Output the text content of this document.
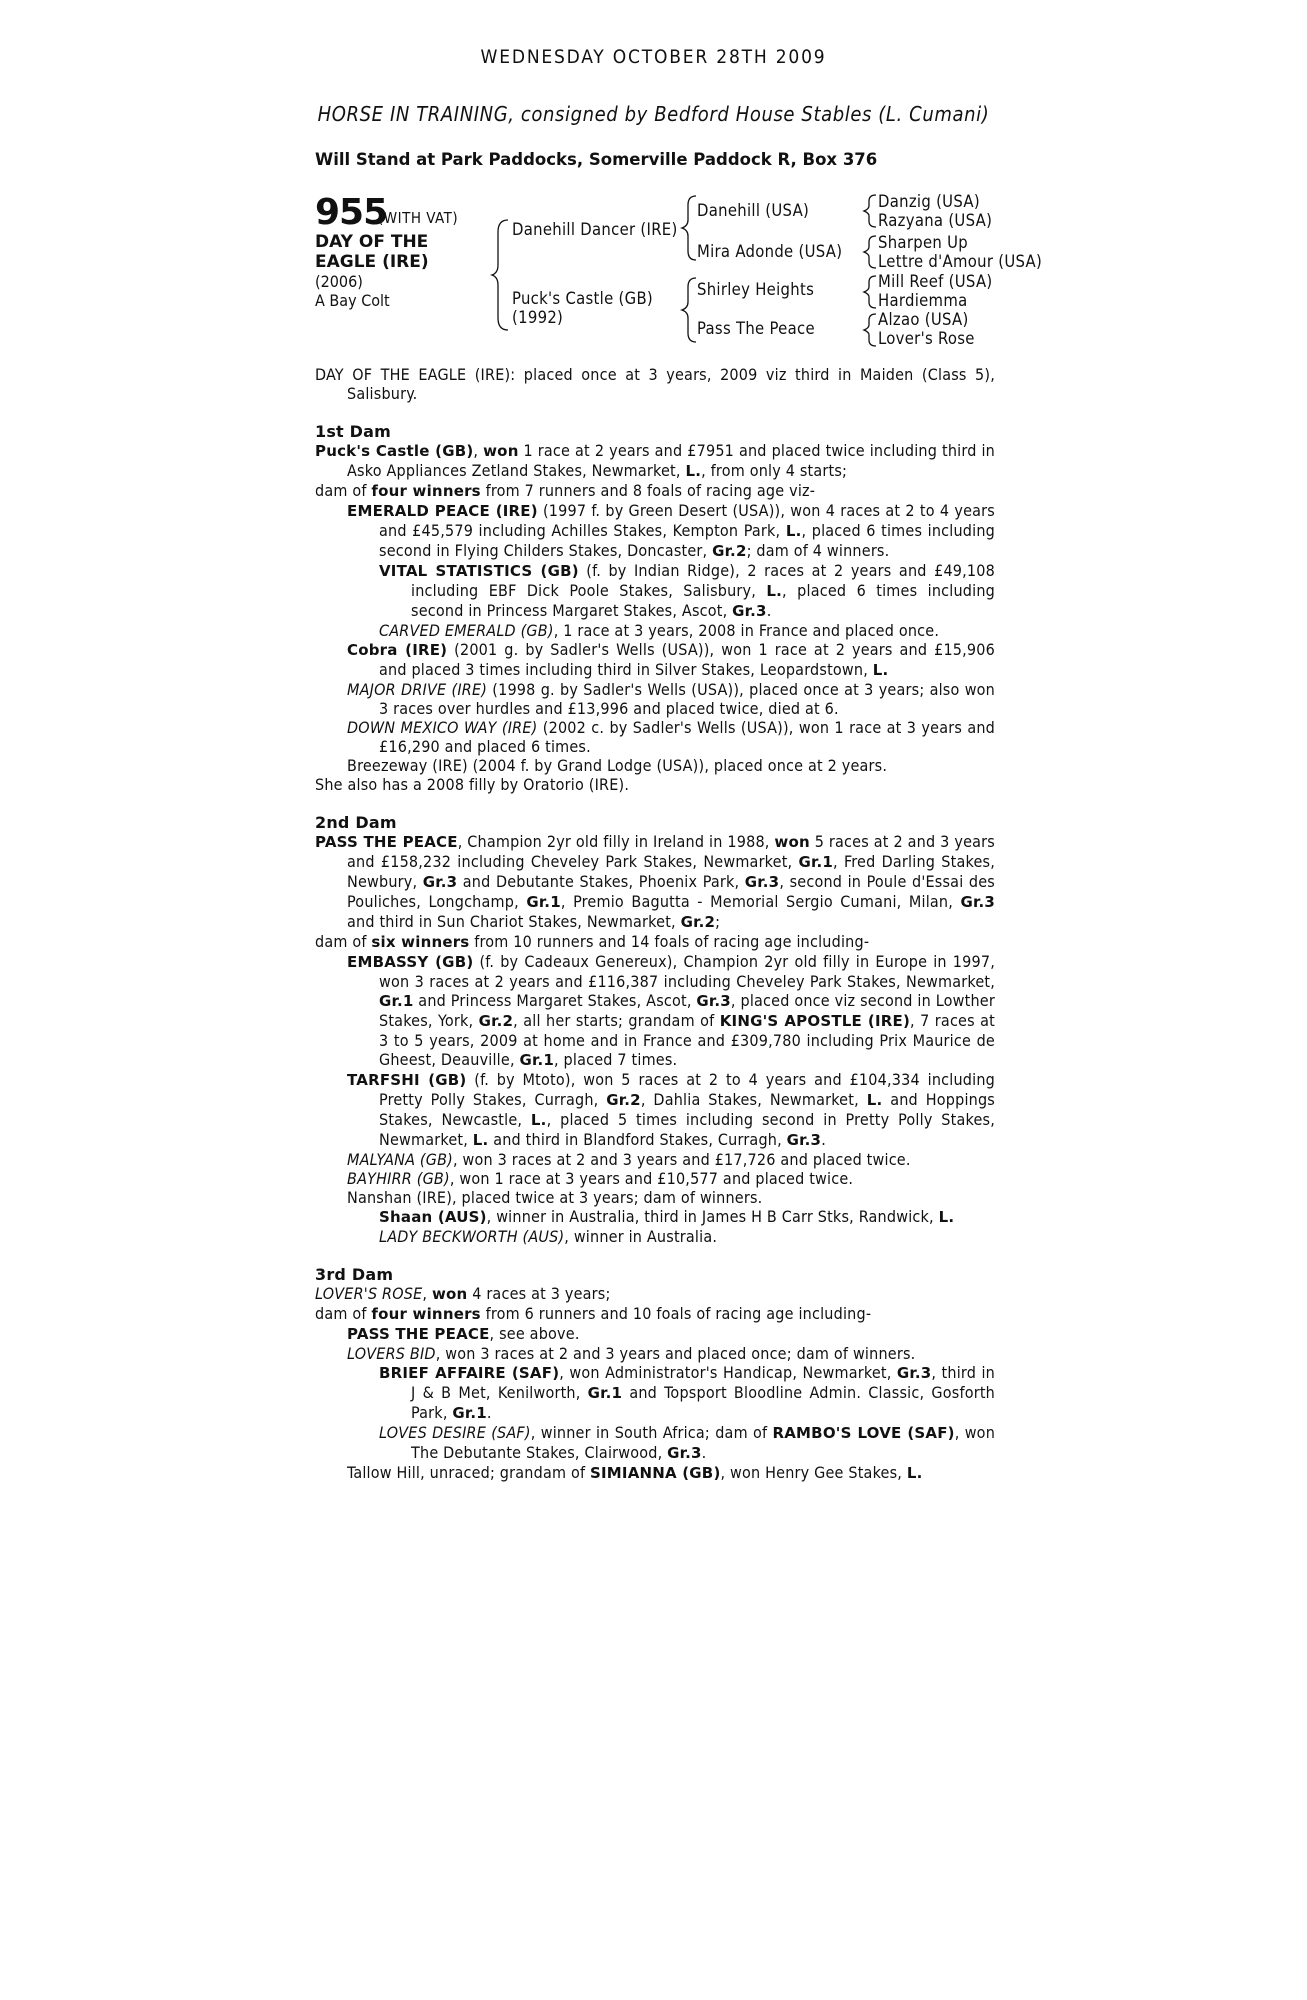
WEDNESDAY OCTOBER 28TH 2009
HORSE IN TRAINING, consigned by Bedford House Stables (L. Cumani)
Will Stand at Park Paddocks, Somerville Paddock R, Box 376
955
(WITH VAT)
DAY OF THE
EAGLE (IRE)
(2006)
A Bay Colt
Danehill Dancer (IRE)
Puck's Castle (GB)
(1992)
Danehill (USA)
Mira Adonde (USA)
Shirley Heights
Pass The Peace
Danzig (USA)
Razyana (USA)
Sharpen Up
Lettre d'Amour (USA)
Mill Reef (USA)
Hardiemma
Alzao (USA)
Lover's Rose

DAY OF THE EAGLE (IRE): placed once at 3 years, 2009 viz third in Maiden (Class 5), Salisbury.

1st Dam

Puck's Castle (GB), won 1 race at 2 years and £7951 and placed twice including third in Asko Appliances Zetland Stakes, Newmarket, L., from only 4 starts;

dam of four winners from 7 runners and 8 foals of racing age viz-

EMERALD PEACE (IRE) (1997 f. by Green Desert (USA)), won 4 races at 2 to 4 years and £45,579 including Achilles Stakes, Kempton Park, L., placed 6 times including second in Flying Childers Stakes, Doncaster, Gr.2; dam of 4 winners.

VITAL STATISTICS (GB) (f. by Indian Ridge), 2 races at 2 years and £49,108 including EBF Dick Poole Stakes, Salisbury, L., placed 6 times including second in Princess Margaret Stakes, Ascot, Gr.3.

CARVED EMERALD (GB), 1 race at 3 years, 2008 in France and placed once.

Cobra (IRE) (2001 g. by Sadler's Wells (USA)), won 1 race at 2 years and £15,906 and placed 3 times including third in Silver Stakes, Leopardstown, L.

MAJOR DRIVE (IRE) (1998 g. by Sadler's Wells (USA)), placed once at 3 years; also won 3 races over hurdles and £13,996 and placed twice, died at 6.

DOWN MEXICO WAY (IRE) (2002 c. by Sadler's Wells (USA)), won 1 race at 3 years and £16,290 and placed 6 times.

Breezeway (IRE) (2004 f. by Grand Lodge (USA)), placed once at 2 years.

She also has a 2008 filly by Oratorio (IRE).

2nd Dam

PASS THE PEACE, Champion 2yr old filly in Ireland in 1988, won 5 races at 2 and 3 years and £158,232 including Cheveley Park Stakes, Newmarket, Gr.1, Fred Darling Stakes, Newbury, Gr.3 and Debutante Stakes, Phoenix Park, Gr.3, second in Poule d'Essai des Pouliches, Longchamp, Gr.1, Premio Bagutta - Memorial Sergio Cumani, Milan, Gr.3 and third in Sun Chariot Stakes, Newmarket, Gr.2;

dam of six winners from 10 runners and 14 foals of racing age including-

EMBASSY (GB) (f. by Cadeaux Genereux), Champion 2yr old filly in Europe in 1997, won 3 races at 2 years and £116,387 including Cheveley Park Stakes, Newmarket, Gr.1 and Princess Margaret Stakes, Ascot, Gr.3, placed once viz second in Lowther Stakes, York, Gr.2, all her starts; grandam of KING'S APOSTLE (IRE), 7 races at 3 to 5 years, 2009 at home and in France and £309,780 including Prix Maurice de Gheest, Deauville, Gr.1, placed 7 times.

TARFSHI (GB) (f. by Mtoto), won 5 races at 2 to 4 years and £104,334 including Pretty Polly Stakes, Curragh, Gr.2, Dahlia Stakes, Newmarket, L. and Hoppings Stakes, Newcastle, L., placed 5 times including second in Pretty Polly Stakes, Newmarket, L. and third in Blandford Stakes, Curragh, Gr.3.

MALYANA (GB), won 3 races at 2 and 3 years and £17,726 and placed twice.

BAYHIRR (GB), won 1 race at 3 years and £10,577 and placed twice.

Nanshan (IRE), placed twice at 3 years; dam of winners.

Shaan (AUS), winner in Australia, third in James H B Carr Stks, Randwick, L.

LADY BECKWORTH (AUS), winner in Australia.

3rd Dam

LOVER'S ROSE, won 4 races at 3 years;

dam of four winners from 6 runners and 10 foals of racing age including-

PASS THE PEACE, see above.

LOVERS BID, won 3 races at 2 and 3 years and placed once; dam of winners.

BRIEF AFFAIRE (SAF), won Administrator's Handicap, Newmarket, Gr.3, third in J & B Met, Kenilworth, Gr.1 and Topsport Bloodline Admin. Classic, Gosforth Park, Gr.1.

LOVES DESIRE (SAF), winner in South Africa; dam of RAMBO'S LOVE (SAF), won The Debutante Stakes, Clairwood, Gr.3.

Tallow Hill, unraced; grandam of SIMIANNA (GB), won Henry Gee Stakes, L.
